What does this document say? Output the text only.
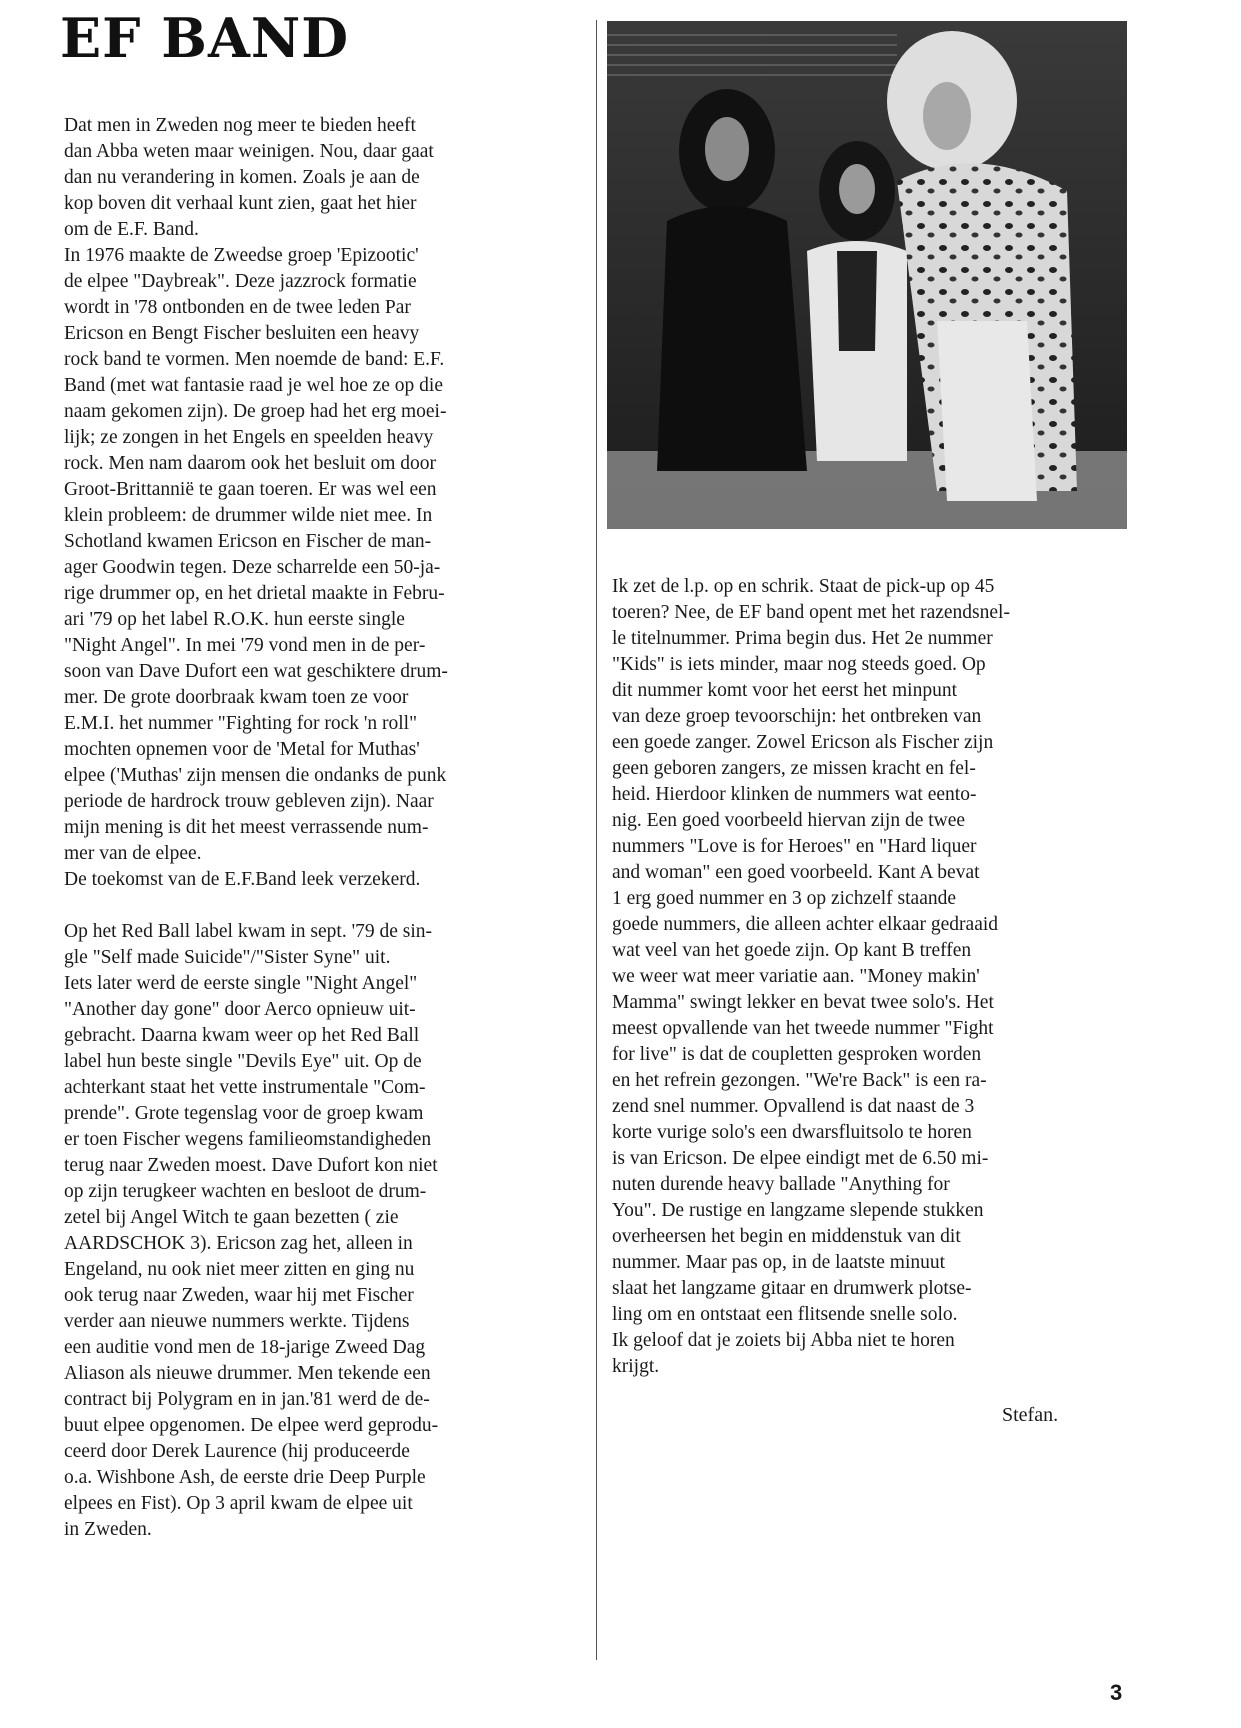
EF BAND
Dat men in Zweden nog meer te bieden heeft
dan Abba weten maar weinigen. Nou, daar gaat
dan nu verandering in komen. Zoals je aan de
kop boven dit verhaal kunt zien, gaat het hier
om de E.F. Band.
In 1976 maakte de Zweedse groep 'Epizootic'
de elpee "Daybreak". Deze jazzrock formatie
wordt in '78 ontbonden en de twee leden Par
Ericson en Bengt Fischer besluiten een heavy
rock band te vormen. Men noemde de band: E.F.
Band (met wat fantasie raad je wel hoe ze op die
naam gekomen zijn). De groep had het erg moei-
lijk; ze zongen in het Engels en speelden heavy
rock. Men nam daarom ook het besluit om door
Groot-Brittannië te gaan toeren. Er was wel een
klein probleem: de drummer wilde niet mee. In
Schotland kwamen Ericson en Fischer de man-
ager Goodwin tegen. Deze scharrelde een 50-ja-
rige drummer op, en het drietal maakte in Febru-
ari '79 op het label R.O.K. hun eerste single
"Night Angel". In mei '79 vond men in de per-
soon van Dave Dufort een wat geschiktere drum-
mer. De grote doorbraak kwam toen ze voor
E.M.I. het nummer "Fighting for rock 'n roll"
mochten opnemen voor de 'Metal for Muthas'
elpee ('Muthas' zijn mensen die ondanks de punk
periode de hardrock trouw gebleven zijn). Naar
mijn mening is dit het meest verrassende num-
mer van de elpee.
De toekomst van de E.F.Band leek verzekerd.
Op het Red Ball label kwam in sept. '79 de sin-
gle "Self made Suicide"/"Sister Syne" uit.
Iets later werd de eerste single "Night Angel"
"Another day gone" door Aerco opnieuw uit-
gebracht. Daarna kwam weer op het Red Ball
label hun beste single "Devils Eye" uit. Op de
achterkant staat het vette instrumentale "Com-
prende". Grote tegenslag voor de groep kwam
er toen Fischer wegens familieomstandigheden
terug naar Zweden moest. Dave Dufort kon niet
op zijn terugkeer wachten en besloot de drum-
zetel bij Angel Witch te gaan bezetten ( zie
AARDSCHOK 3). Ericson zag het, alleen in
Engeland, nu ook niet meer zitten en ging nu
ook terug naar Zweden, waar hij met Fischer
verder aan nieuwe nummers werkte. Tijdens
een auditie vond men de 18-jarige Zweed Dag
Aliason als nieuwe drummer. Men tekende een
contract bij Polygram en in jan.'81 werd de de-
buut elpee opgenomen. De elpee werd geprodu-
ceerd door Derek Laurence (hij produceerde
o.a. Wishbone Ash, de eerste drie Deep Purple
elpees en Fist). Op 3 april kwam de elpee uit
in Zweden.
Ik zet de l.p. op en schrik. Staat de pick-up op 45
toeren? Nee, de EF band opent met het razendsnel-
le titelnummer. Prima begin dus. Het 2e nummer
"Kids" is iets minder, maar nog steeds goed. Op
dit nummer komt voor het eerst het minpunt
van deze groep tevoorschijn: het ontbreken van
een goede zanger. Zowel Ericson als Fischer zijn
geen geboren zangers, ze missen kracht en fel-
heid. Hierdoor klinken de nummers wat eento-
nig. Een goed voorbeeld hiervan zijn de twee
nummers "Love is for Heroes" en "Hard liquer
and woman" een goed voorbeeld. Kant A bevat
1 erg goed nummer en 3 op zichzelf staande
goede nummers, die alleen achter elkaar gedraaid
wat veel van het goede zijn. Op kant B treffen
we weer wat meer variatie aan. "Money makin'
Mamma" swingt lekker en bevat twee solo's. Het
meest opvallende van het tweede nummer "Fight
for live" is dat de coupletten gesproken worden
en het refrein gezongen. "We're Back" is een ra-
zend snel nummer. Opvallend is dat naast de 3
korte vurige solo's een dwarsfluitsolo te horen
is van Ericson. De elpee eindigt met de 6.50 mi-
nuten durende heavy ballade "Anything for
You". De rustige en langzame slepende stukken
overheersen het begin en middenstuk van dit
nummer. Maar pas op, in de laatste minuut
slaat het langzame gitaar en drumwerk plotse-
ling om en ontstaat een flitsende snelle solo.
Ik geloof dat je zoiets bij Abba niet te horen
krijgt.
Stefan.
3
